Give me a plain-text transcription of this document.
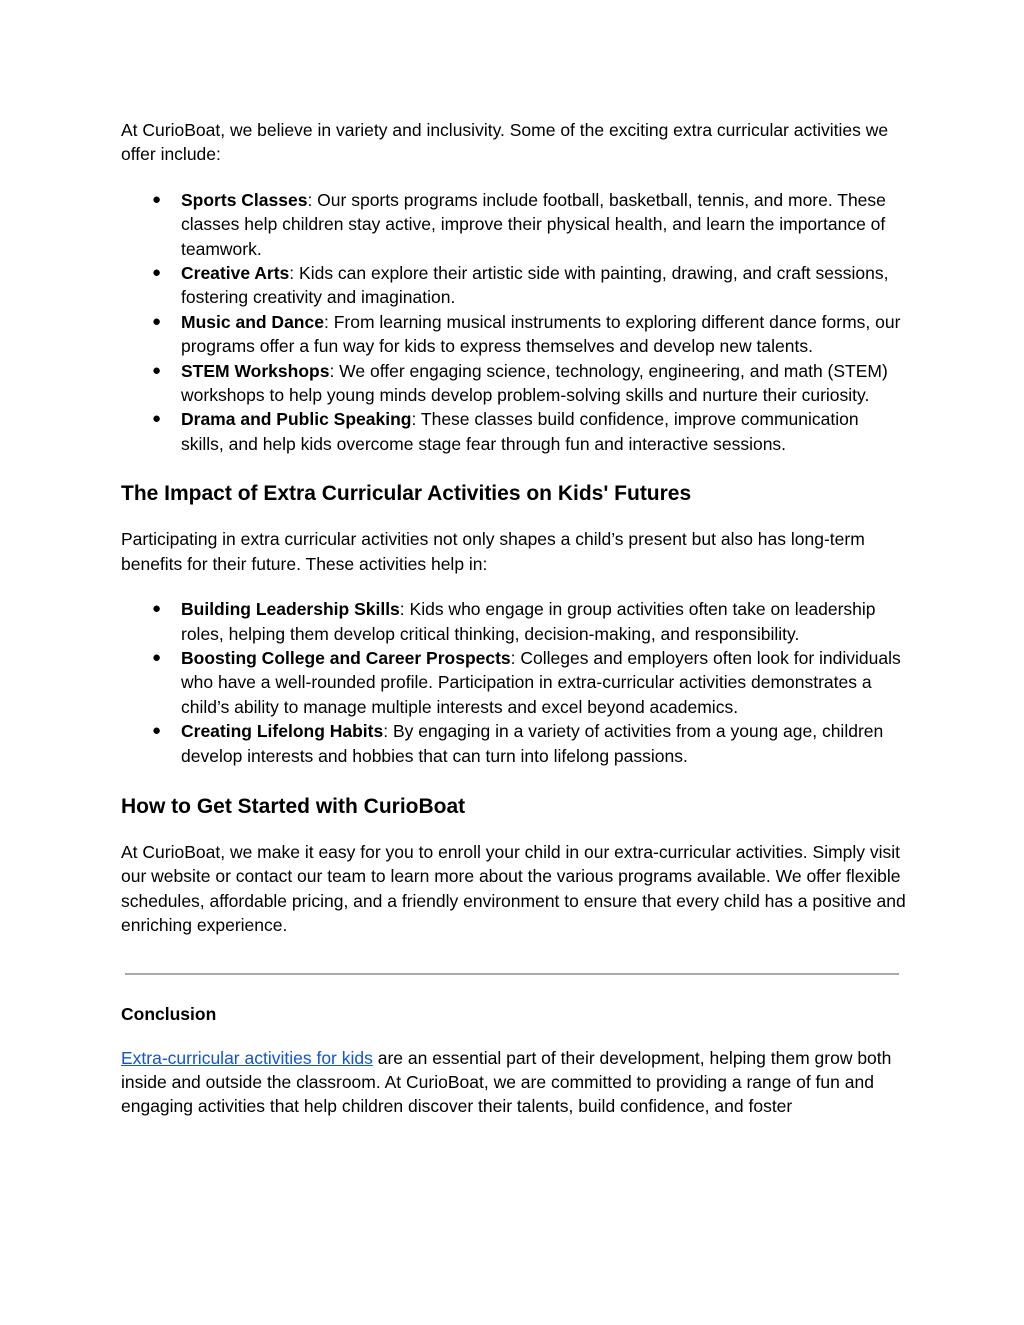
At CurioBoat, we believe in variety and inclusivity. Some of the exciting extra curricular activities we offer include:

● Sports Classes: Our sports programs include football, basketball, tennis, and more. These classes help children stay active, improve their physical health, and learn the importance of teamwork.
● Creative Arts: Kids can explore their artistic side with painting, drawing, and craft sessions, fostering creativity and imagination.
● Music and Dance: From learning musical instruments to exploring different dance forms, our programs offer a fun way for kids to express themselves and develop new talents.
● STEM Workshops: We offer engaging science, technology, engineering, and math (STEM) workshops to help young minds develop problem-solving skills and nurture their curiosity.
● Drama and Public Speaking: These classes build confidence, improve communication skills, and help kids overcome stage fear through fun and interactive sessions.
The Impact of Extra Curricular Activities on Kids' Futures

Participating in extra curricular activities not only shapes a child’s present but also has long-term benefits for their future. These activities help in:

● Building Leadership Skills: Kids who engage in group activities often take on leadership roles, helping them develop critical thinking, decision-making, and responsibility.
● Boosting College and Career Prospects: Colleges and employers often look for individuals who have a well-rounded profile. Participation in extra-curricular activities demonstrates a child’s ability to manage multiple interests and excel beyond academics.
● Creating Lifelong Habits: By engaging in a variety of activities from a young age, children develop interests and hobbies that can turn into lifelong passions.
How to Get Started with CurioBoat

At CurioBoat, we make it easy for you to enroll your child in our extra-curricular activities. Simply visit our website or contact our team to learn more about the various programs available. We offer flexible schedules, affordable pricing, and a friendly environment to ensure that every child has a positive and enriching experience.

Conclusion

Extra-curricular activities for kids are an essential part of their development, helping them grow both inside and outside the classroom. At CurioBoat, we are committed to providing a range of fun and engaging activities that help children discover their talents, build confidence, and foster
